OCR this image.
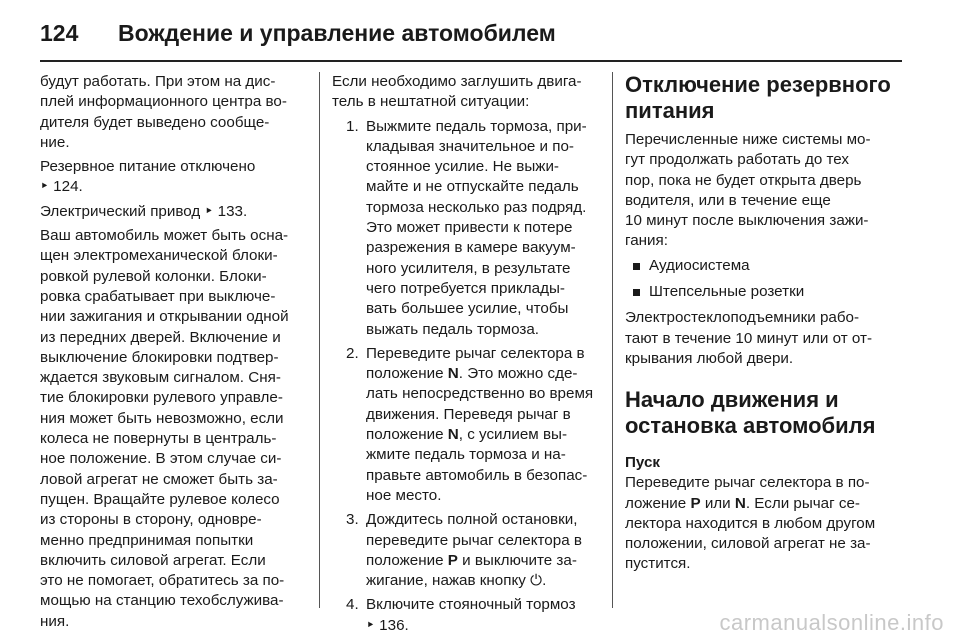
124 Вождение и управление автомобилем
будут работать. При этом на дис-
плей информационного центра во-
дителя будет выведено сообще-
ние.
Резервное питание отключено
‣ 124.
Электрический привод ‣ 133.
Ваш автомобиль может быть осна-
щен электромеханической блоки-
ровкой рулевой колонки. Блоки-
ровка срабатывает при выключе-
нии зажигания и открывании одной
из передних дверей. Включение и
выключение блокировки подтвер-
ждается звуковым сигналом. Сня-
тие блокировки рулевого управле-
ния может быть невозможно, если
колеса не повернуты в централь-
ное положение. В этом случае си-
ловой агрегат не сможет быть за-
пущен. Вращайте рулевое колесо
из стороны в сторону, одновре-
менно предпринимая попытки
включить силовой агрегат. Если
это не помогает, обратитесь за по-
мощью на станцию техобслужива-
ния.
Если необходимо заглушить двига-
тель в нештатной ситуации:
1. Выжмите педаль тормоза, при-
кладывая значительное и по-
стоянное усилие. Не выжи-
майте и не отпускайте педаль
тормоза несколько раз подряд.
Это может привести к потере
разрежения в камере вакуум-
ного усилителя, в результате
чего потребуется приклады-
вать большее усилие, чтобы
выжать педаль тормоза.
2. Переведите рычаг селектора в
положение N. Это можно сде-
лать непосредственно во время
движения. Переведя рычаг в
положение N, с усилием вы-
жмите педаль тормоза и на-
правьте автомобиль в безопас-
ное место.
3. Дождитесь полной остановки,
переведите рычаг селектора в
положение P и выключите за-
жигание, нажав кнопку ⏻.
4. Включите стояночный тормоз
‣ 136.
Отключение резервного
питания
Перечисленные ниже системы мо-
гут продолжать работать до тех
пор, пока не будет открыта дверь
водителя, или в течение еще
10 минут после выключения зажи-
гания:
Аудиосистема
Штепсельные розетки
Электростеклоподъемники рабо-
тают в течение 10 минут или от от-
крывания любой двери.
Начало движения и
остановка автомобиля
Пуск
Переведите рычаг селектора в по-
ложение P или N. Если рычаг се-
лектора находится в любом другом
положении, силовой агрегат не за-
пустится.
carmanualsonline.info
